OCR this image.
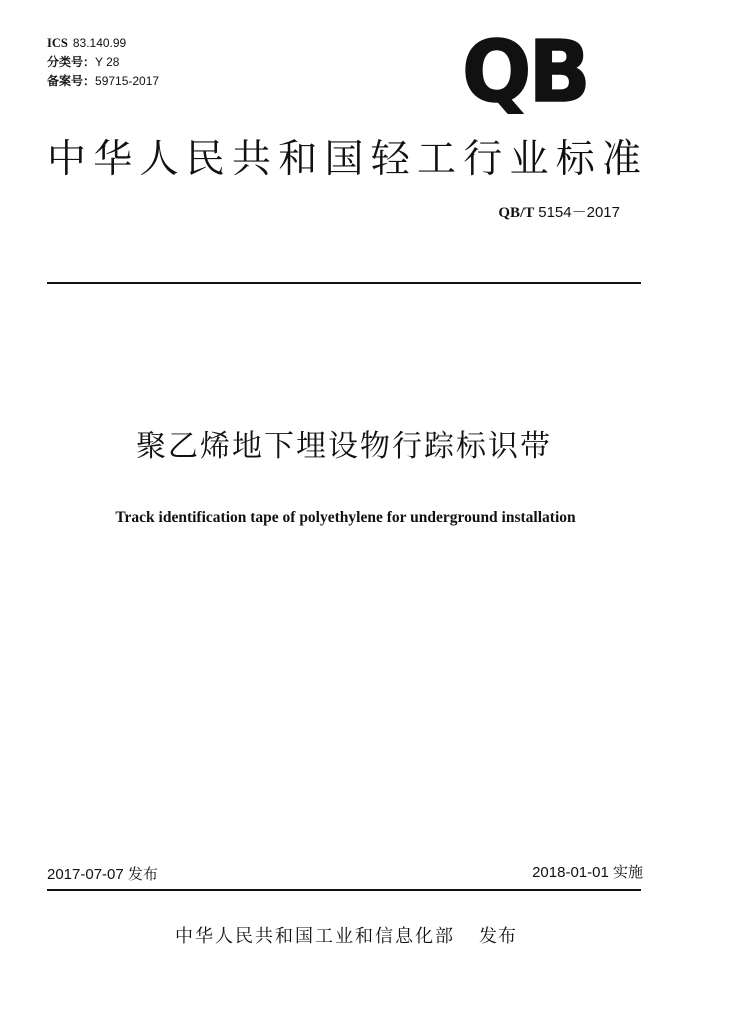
ICS 83.140.99
分类号：Y 28
备案号：59715-2017	QB
中华人民共和国轻工行业标准
QB/T 5154－2017
聚乙烯地下埋设物行踪标识带
Track identification tape of polyethylene for underground installation
2017-07-07 发布	2018-01-01 实施
中华人民共和国工业和信息化部 发布
